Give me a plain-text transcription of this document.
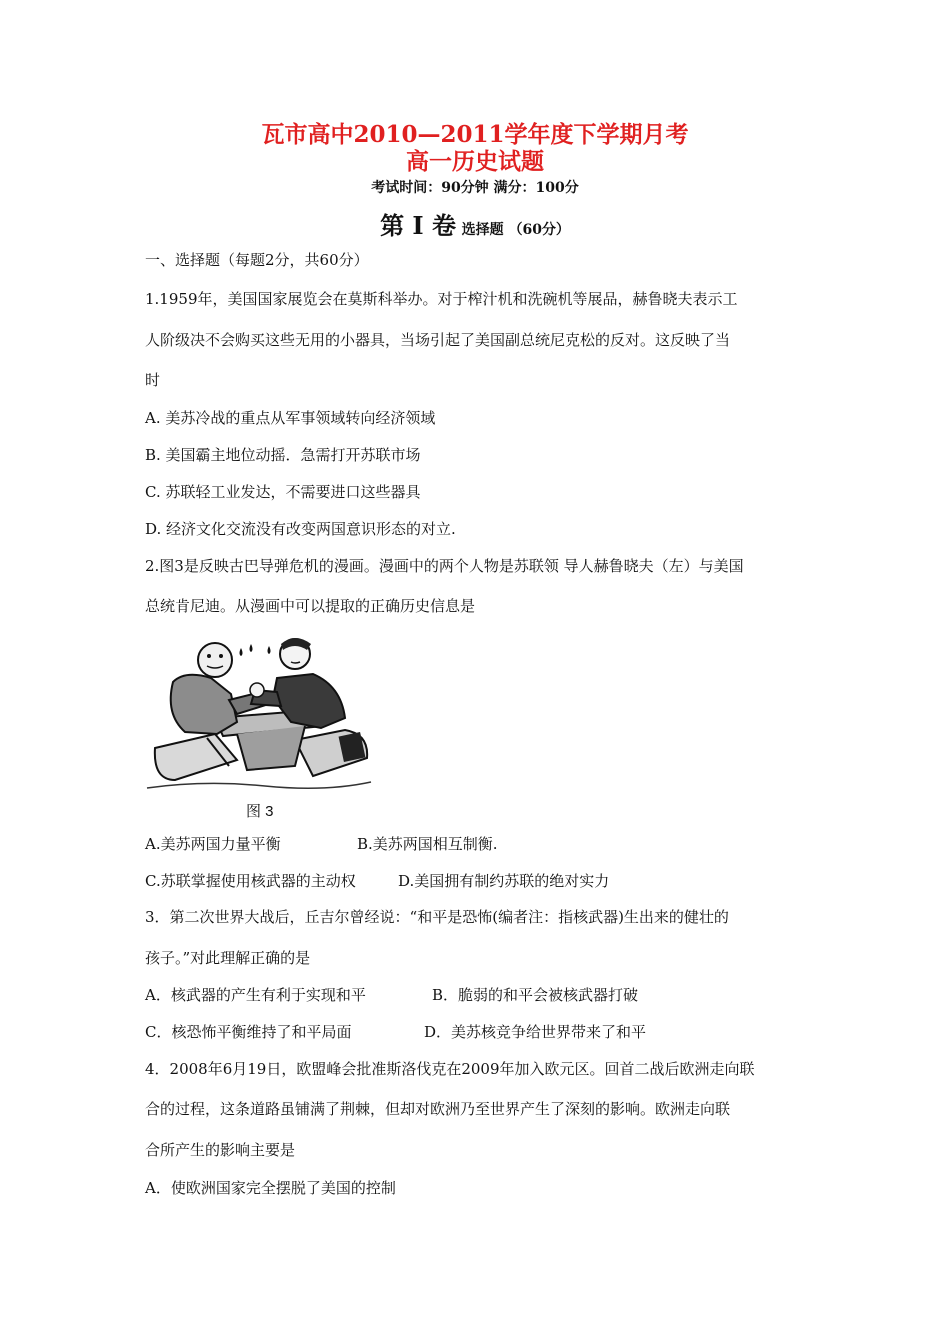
瓦市高中2010—2011学年度下学期月考
高一历史试题
考试时间：90分钟 满分：100分
第 I 卷 选择题 （60分）
一、选择题（每题2分，共60分）
1.1959年，美国国家展览会在莫斯科举办。对于榨汁机和洗碗机等展品，赫鲁晓夫表示工
人阶级决不会购买这些无用的小器具，当场引起了美国副总统尼克松的反对。这反映了当
时
A. 美苏冷战的重点从军事领域转向经济领域
B. 美国霸主地位动摇．急需打开苏联市场
C. 苏联轻工业发达，不需要进口这些器具
D. 经济文化交流没有改变两国意识形态的对立.
2.图3是反映古巴导弹危机的漫画。漫画中的两个人物是苏联领 导人赫鲁晓夫（左）与美国
总统肯尼迪。从漫画中可以提取的正确历史信息是
图 3
A.美苏两国力量平衡	B.美苏两国相互制衡.
C.苏联掌握使用核武器的主动权	D.美国拥有制约苏联的绝对实力
3．第二次世界大战后，丘吉尔曾经说：“和平是恐怖(编者注：指核武器)生出来的健壮的
孩子。”对此理解正确的是
A．核武器的产生有利于实现和平	B．脆弱的和平会被核武器打破
C．核恐怖平衡维持了和平局面	D．美苏核竞争给世界带来了和平
4．2008年6月19日，欧盟峰会批准斯洛伐克在2009年加入欧元区。回首二战后欧洲走向联
合的过程，这条道路虽铺满了荆棘，但却对欧洲乃至世界产生了深刻的影响。欧洲走向联
合所产生的影响主要是
A．使欧洲国家完全摆脱了美国的控制
